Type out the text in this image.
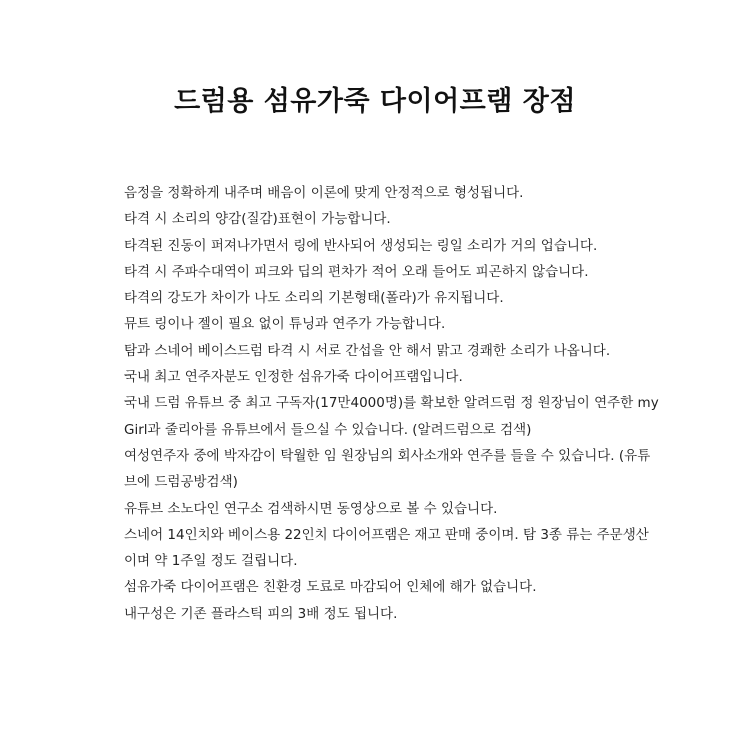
드럼용 섬유가죽 다이어프램 장점
음정을 정확하게 내주며 배음이 이론에 맞게 안정적으로 형성됩니다.
타격 시 소리의 양감(질감)표현이 가능합니다.
타격된 진동이 퍼져나가면서 링에 반사되어 생성되는 링일 소리가 거의 업습니다.
타격 시 주파수대역이 피크와 딥의 편차가 적어 오래 들어도 피곤하지 않습니다.
타격의 강도가 차이가 나도 소리의 기본형태(폴라)가 유지됩니다.
뮤트 링이나 젤이 필요 없이 튜닝과 연주가 가능합니다.
탐과 스네어 베이스드럼 타격 시 서로 간섭을 안 해서 맑고 경쾌한 소리가 나옵니다.
국내 최고 연주자분도 인정한 섬유가죽 다이어프램입니다.
국내 드럼 유튜브 중 최고 구독자(17만4000명)를 확보한 알려드럼 정 원장님이 연주한 my
Girl과 줄리아를 유튜브에서 들으실 수 있습니다. (알려드럼으로 검색)
여성연주자 중에 박자감이 탁월한 임 원장님의 회사소개와 연주를 들을 수 있습니다. (유튜
브에 드럼공방검색)
유튜브 소노다인 연구소 검색하시면 동영상으로 볼 수 있습니다.
스네어 14인치와 베이스용 22인치 다이어프램은 재고 판매 중이며. 탐 3종 류는 주문생산
이며 약 1주일 정도 걸립니다.
섬유가죽 다이어프램은 친환경 도료로 마감되어 인체에 해가 없습니다.
내구성은 기존 플라스틱 피의 3배 정도 됩니다.
